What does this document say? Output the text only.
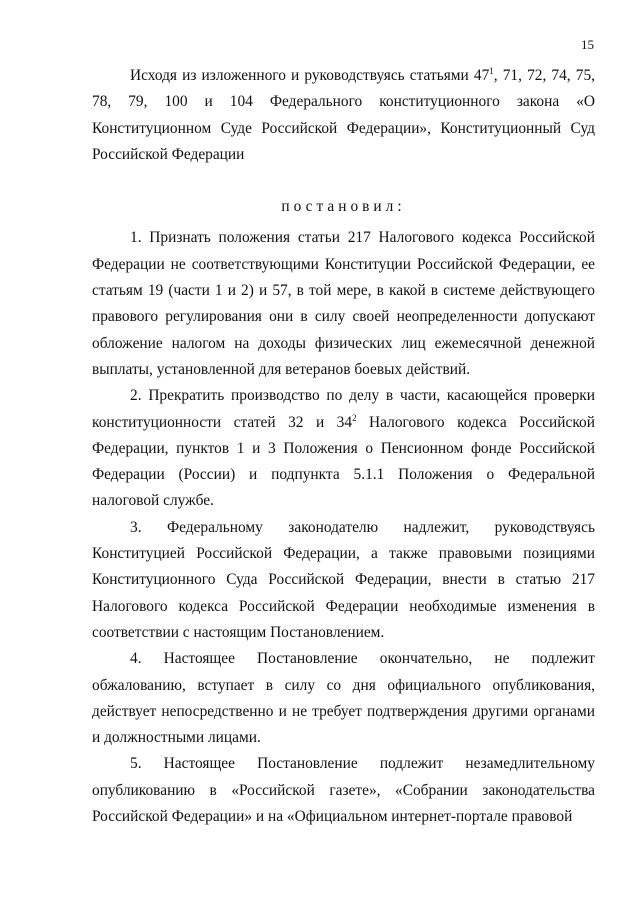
15

Исходя из изложенного и руководствуясь статьями $47^1$, 71, 72, 74, 75, 78, 79, 100 и 104 Федерального конституционного закона «О Конституционном Суде Российской Федерации», Конституционный Суд Российской Федерации

постановил:

1. Признать положения статьи 217 Налогового кодекса Российской Федерации не соответствующими Конституции Российской Федерации, ее статьям 19 (части 1 и 2) и 57, в той мере, в какой в системе действующего правового регулирования они в силу своей неопределенности допускают обложение налогом на доходы физических лиц ежемесячной денежной выплаты, установленной для ветеранов боевых действий.

2. Прекратить производство по делу в части, касающейся проверки конституционности статей 32 и $34^2$ Налогового кодекса Российской Федерации, пунктов 1 и 3 Положения о Пенсионном фонде Российской Федерации (России) и подпункта 5.1.1 Положения о Федеральной налоговой службе.

3. Федеральному законодателю надлежит, руководствуясь Конституцией Российской Федерации, а также правовыми позициями Конституционного Суда Российской Федерации, внести в статью 217 Налогового кодекса Российской Федерации необходимые изменения в соответствии с настоящим Постановлением.

4. Настоящее Постановление окончательно, не подлежит обжалованию, вступает в силу со дня официального опубликования, действует непосредственно и не требует подтверждения другими органами и должностными лицами.

5. Настоящее Постановление подлежит незамедлительному опубликованию в «Российской газете», «Собрании законодательства Российской Федерации» и на «Официальном интернет-портале правовой
